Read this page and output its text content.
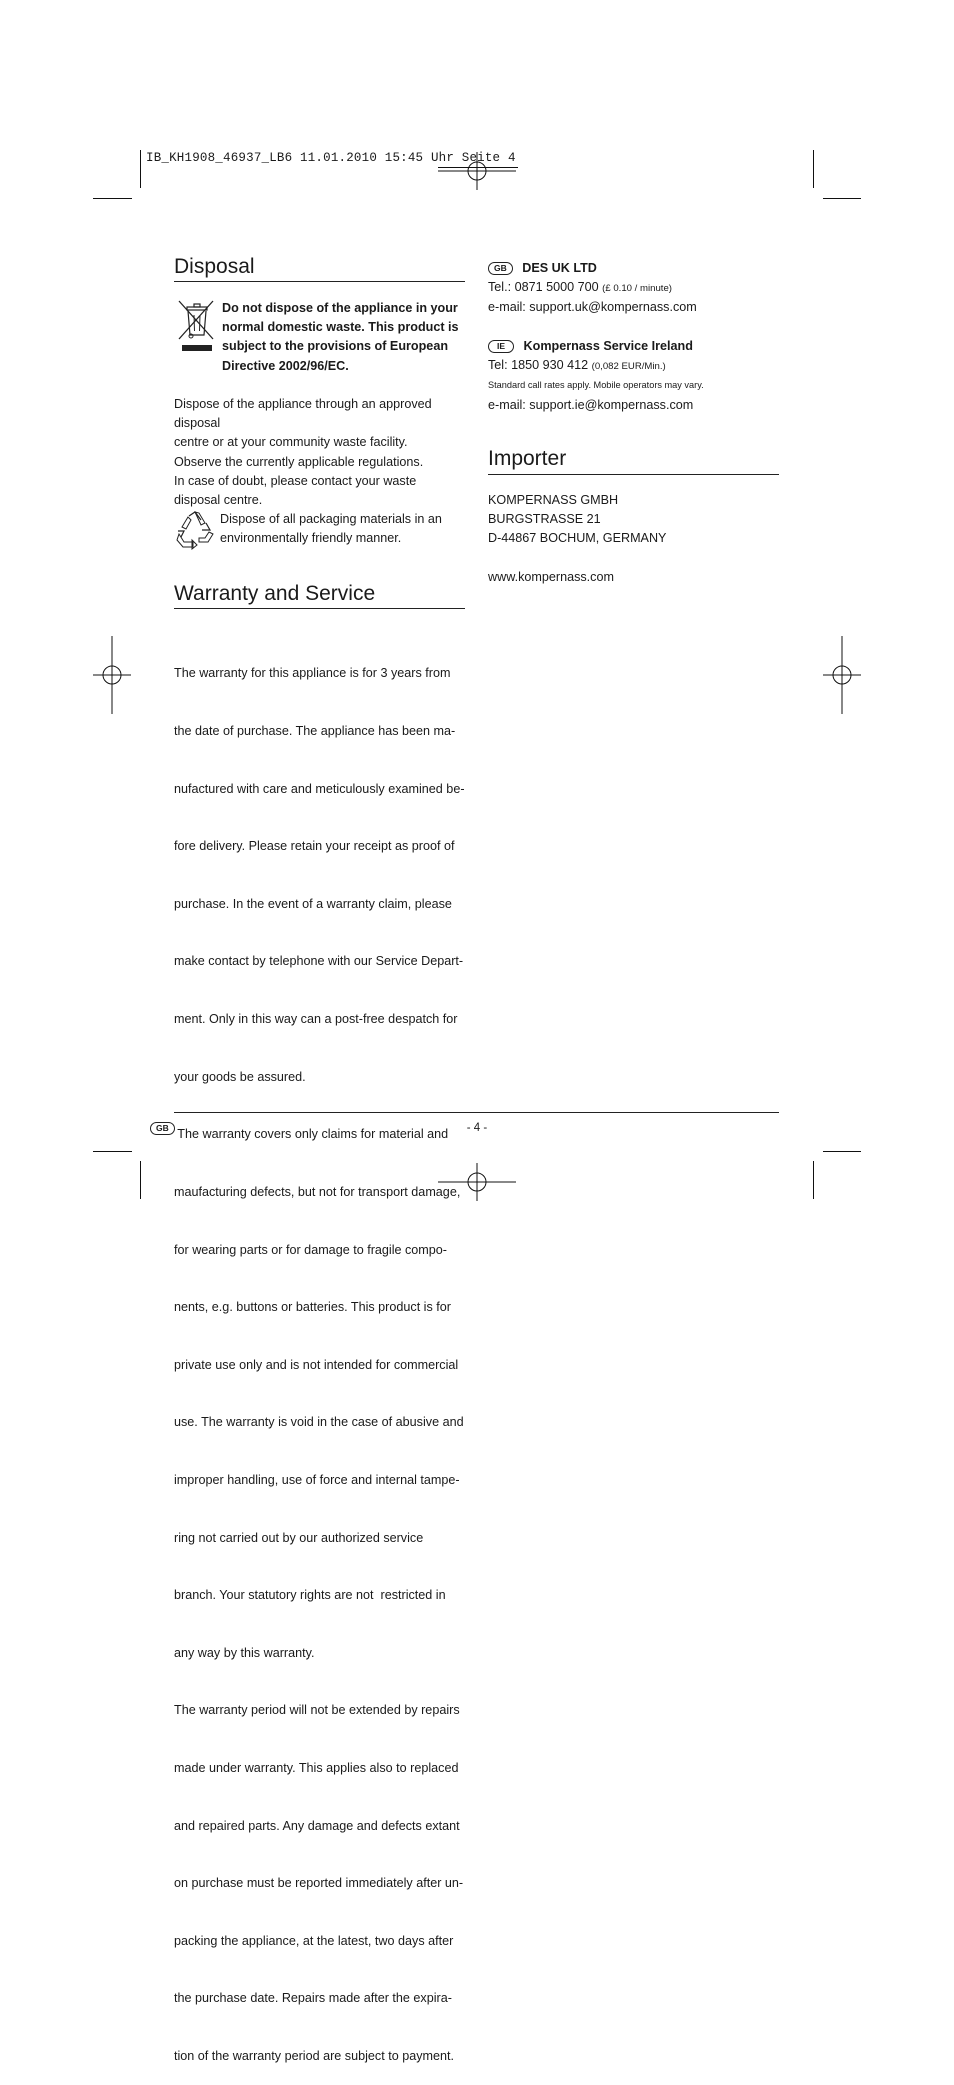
IB_KH1908_46937_LB6 11.01.2010 15:45 Uhr Seite 4
Disposal

Do not dispose of the appliance in your

normal domestic waste. This product is

subject to the provisions of European

Directive 2002/96/EC.

Dispose of the appliance through an approved disposal

centre or at your community waste facility.

Observe the currently applicable regulations.

In case of doubt, please contact your waste

disposal centre.

Dispose of all packaging materials in an

environmentally friendly manner.

Warranty and Service

The warranty for this appliance is for 3 years from

the date of purchase. The appliance has been ma-

nufactured with care and meticulously examined be-

fore delivery. Please retain your receipt as proof of

purchase. In the event of a warranty claim, please

make contact by telephone with our Service Depart-

ment. Only in this way can a post-free despatch for

your goods be assured.

The warranty covers only claims for material and

maufacturing defects, but not for transport damage,

for wearing parts or for damage to fragile compo-

nents, e.g. buttons or batteries. This product is for

private use only and is not intended for commercial

use. The warranty is void in the case of abusive and

improper handling, use of force and internal tampe-

ring not carried out by our authorized service

branch. Your statutory rights are not  restricted in

any way by this warranty.

The warranty period will not be extended by repairs

made under warranty. This applies also to replaced

and repaired parts. Any damage and defects extant

on purchase must be reported immediately after un-

packing the appliance, at the latest, two days after

the purchase date. Repairs made after the expira-

tion of the warranty period are subject to payment.

GB DES UK LTD
Tel.: 0871 5000 700 (£ 0.10 / minute)
e-mail: support.uk@kompernass.com
IE Kompernass Service Ireland
Tel: 1850 930 412 (0,082 EUR/Min.)
Standard call rates apply. Mobile operators may vary.
e-mail: support.ie@kompernass.com
Importer

KOMPERNASS GMBH

BURGSTRASSE 21

D-44867 BOCHUM, GERMANY

www.kompernass.com
GB	- 4 -
